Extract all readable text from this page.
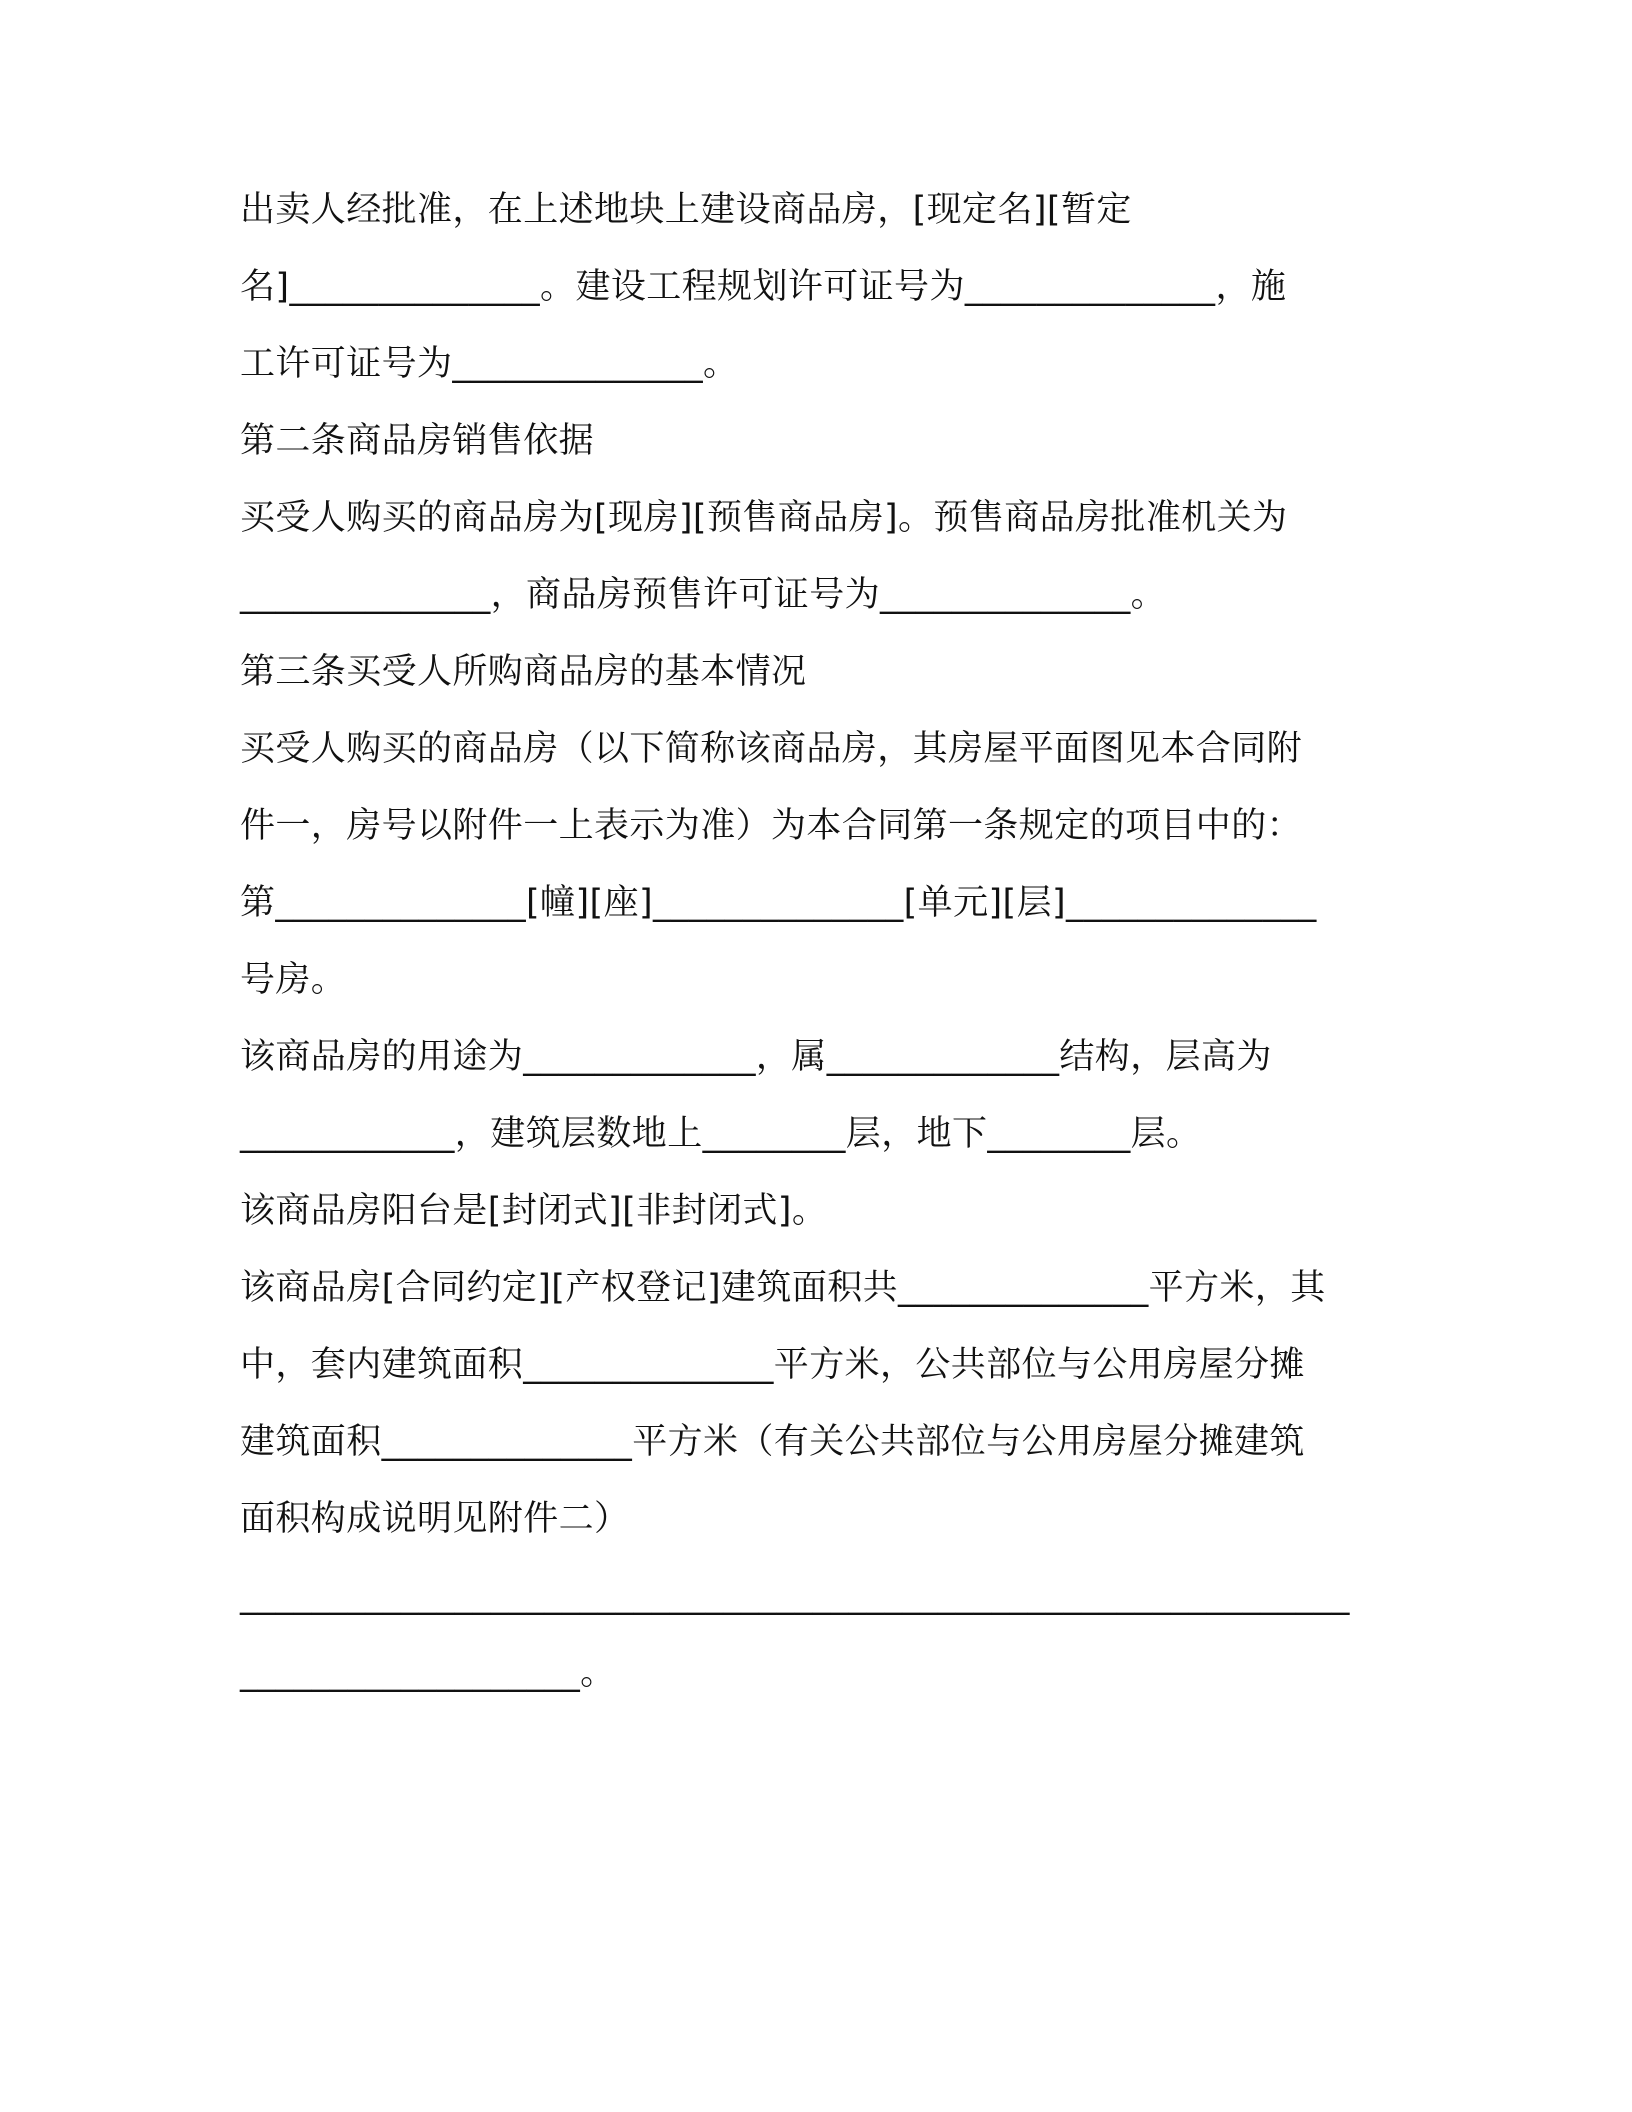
出卖人经批准，在上述地块上建设商品房，[现定名][暂定
名]______________。建设工程规划许可证号为______________，施
工许可证号为______________。
第二条商品房销售依据
买受人购买的商品房为[现房][预售商品房]。预售商品房批准机关为
______________，商品房预售许可证号为______________。
第三条买受人所购商品房的基本情况
买受人购买的商品房（以下简称该商品房，其房屋平面图见本合同附
件一，房号以附件一上表示为准）为本合同第一条规定的项目中的：
第______________[幢][座]______________[单元][层]______________
号房。
该商品房的用途为_____________，属_____________结构，层高为
____________，建筑层数地上________层，地下________层。
该商品房阳台是[封闭式][非封闭式]。
该商品房[合同约定][产权登记]建筑面积共______________平方米，其
中，套内建筑面积______________平方米，公共部位与公用房屋分摊
建筑面积______________平方米（有关公共部位与公用房屋分摊建筑
面积构成说明见附件二）
______________________________________________________________
___________________。
